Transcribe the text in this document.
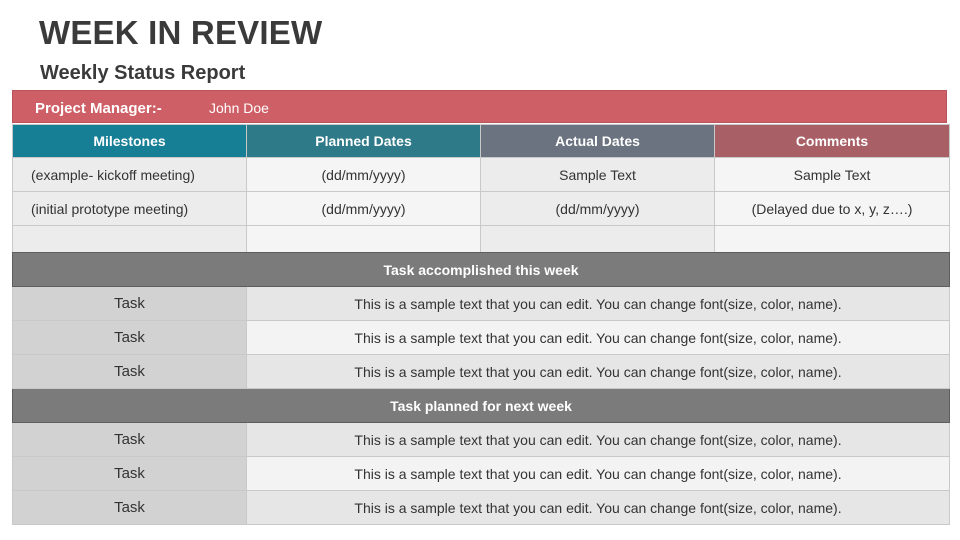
WEEK IN REVIEW
Weekly Status Report
Project Manager:-	John Doe
Milestones	Planned Dates	Actual Dates	Comments
(example- kickoff meeting)	(dd/mm/yyyy)	Sample Text	Sample Text
(initial prototype meeting)	(dd/mm/yyyy)	(dd/mm/yyyy)	(Delayed due to x, y, z….)

Task accomplished this week	
Task	This is a sample text that you can edit. You can change font(size, color, name).
Task	This is a sample text that you can edit. You can change font(size, color, name).
Task	This is a sample text that you can edit. You can change font(size, color, name).
Task planned for next week	
Task	This is a sample text that you can edit. You can change font(size, color, name).
Task	This is a sample text that you can edit. You can change font(size, color, name).
Task	This is a sample text that you can edit. You can change font(size, color, name).
